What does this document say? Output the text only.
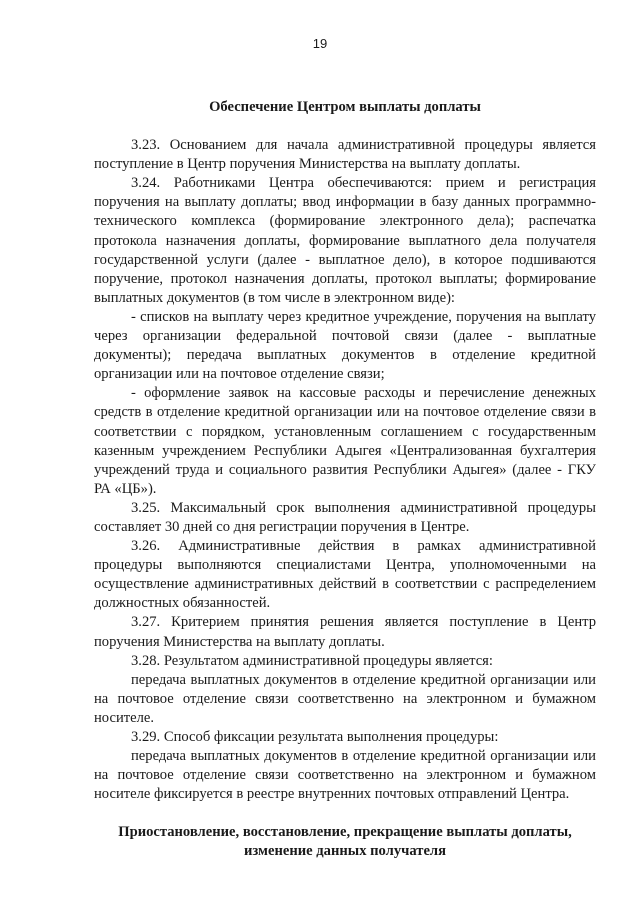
19
Обеспечение Центром выплаты доплаты

3.23. Основанием для начала административной процедуры является поступление в Центр поручения Министерства на выплату доплаты.

3.24. Работниками Центра обеспечиваются: прием и регистрация поручения на выплату доплаты; ввод информации в базу данных программно-технического комплекса (формирование электронного дела); распечатка протокола назначения доплаты, формирование выплатного дела получателя государственной услуги (далее - выплатное дело), в которое подшиваются поручение, протокол назначения доплаты, протокол выплаты; формирование выплатных документов (в том числе в электронном виде):

- списков на выплату через кредитное учреждение, поручения на выплату через организации федеральной почтовой связи (далее - выплатные документы); передача выплатных документов в отделение кредитной организации или на почтовое отделение связи;

- оформление заявок на кассовые расходы и перечисление денежных средств в отделение кредитной организации или на почтовое отделение связи в соответствии с порядком, установленным соглашением с государственным казенным учреждением Республики Адыгея «Централизованная бухгалтерия учреждений труда и социального развития Республики Адыгея» (далее - ГКУ РА «ЦБ»).

3.25. Максимальный срок выполнения административной процедуры составляет 30 дней со дня регистрации поручения в Центре.

3.26. Административные действия в рамках административной процедуры выполняются специалистами Центра, уполномоченными на осуществление административных действий в соответствии с распределением должностных обязанностей.

3.27. Критерием принятия решения является поступление в Центр поручения Министерства на выплату доплаты.

3.28. Результатом административной процедуры является:

передача выплатных документов в отделение кредитной организации или на почтовое отделение связи соответственно на электронном и бумажном носителе.

3.29. Способ фиксации результата выполнения процедуры:

передача выплатных документов в отделение кредитной организации или на почтовое отделение связи соответственно на электронном и бумажном носителе фиксируется в реестре внутренних почтовых отправлений Центра.

Приостановление, восстановление, прекращение выплаты доплаты,
изменение данных получателя
